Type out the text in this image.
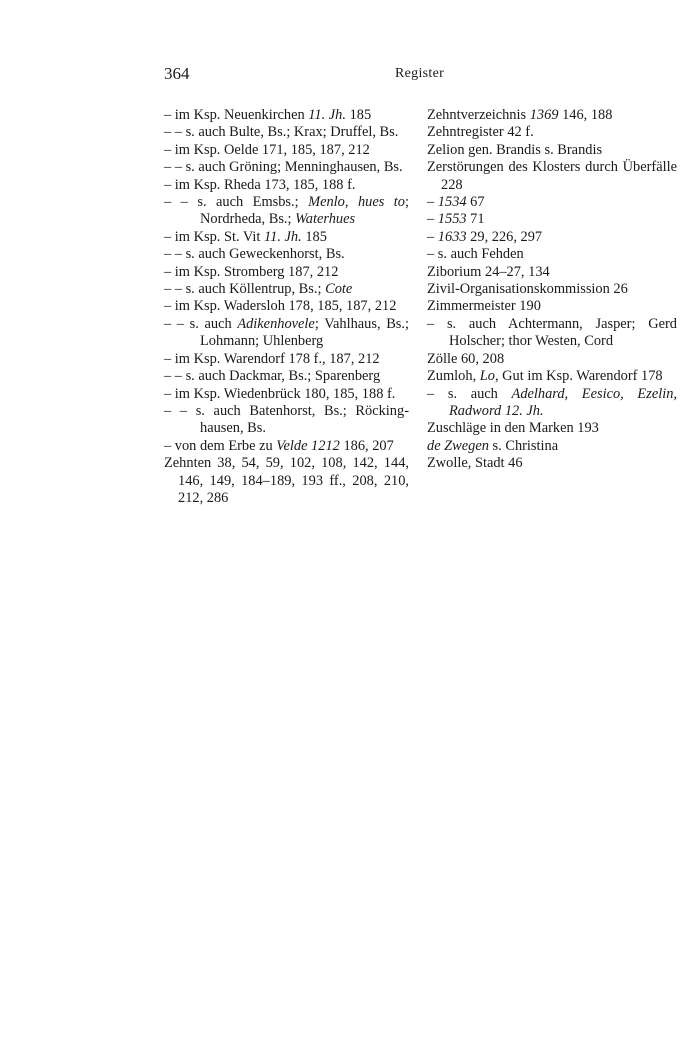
364	Register
– im Ksp. Neuenkirchen 11. Jh. 185
– – s. auch Bulte, Bs.; Krax; Druffel, Bs.
– im Ksp. Oelde 171, 185, 187, 212
– – s. auch Gröning; Menninghausen, Bs.
– im Ksp. Rheda 173, 185, 188 f.
– – s. auch Emsbs.; Menlo, hues to; Nordrheda, Bs.; Waterhues
– im Ksp. St. Vit 11. Jh. 185
– – s. auch Geweckenhorst, Bs.
– im Ksp. Stromberg 187, 212
– – s. auch Köllentrup, Bs.; Cote
– im Ksp. Wadersloh 178, 185, 187, 212
– – s. auch Adikenhovele; Vahlhaus, Bs.; Lohmann; Uhlenberg
– im Ksp. Warendorf 178 f., 187, 212
– – s. auch Dackmar, Bs.; Sparenberg
– im Ksp. Wiedenbrück 180, 185, 188 f.
– – s. auch Batenhorst, Bs.; Röckinghausen, Bs.
– von dem Erbe zu Velde 1212 186, 207
Zehnten 38, 54, 59, 102, 108, 142, 144, 146, 149, 184–189, 193 ff., 208, 210, 212, 286
Zehntverzeichnis 1369 146, 188
Zehntregister 42 f.
Zelion gen. Brandis s. Brandis
Zerstörungen des Klosters durch Überfälle 228
– 1534 67
– 1553 71
– 1633 29, 226, 297
– s. auch Fehden
Ziborium 24–27, 134
Zivil-Organisationskommission 26
Zimmermeister 190
– s. auch Achtermann, Jasper; Gerd Holscher; thor Westen, Cord
Zölle 60, 208
Zumloh, Lo, Gut im Ksp. Warendorf 178
– s. auch Adelhard, Eesico, Ezelin, Radword 12. Jh.
Zuschläge in den Marken 193
de Zwegen s. Christina
Zwolle, Stadt 46
